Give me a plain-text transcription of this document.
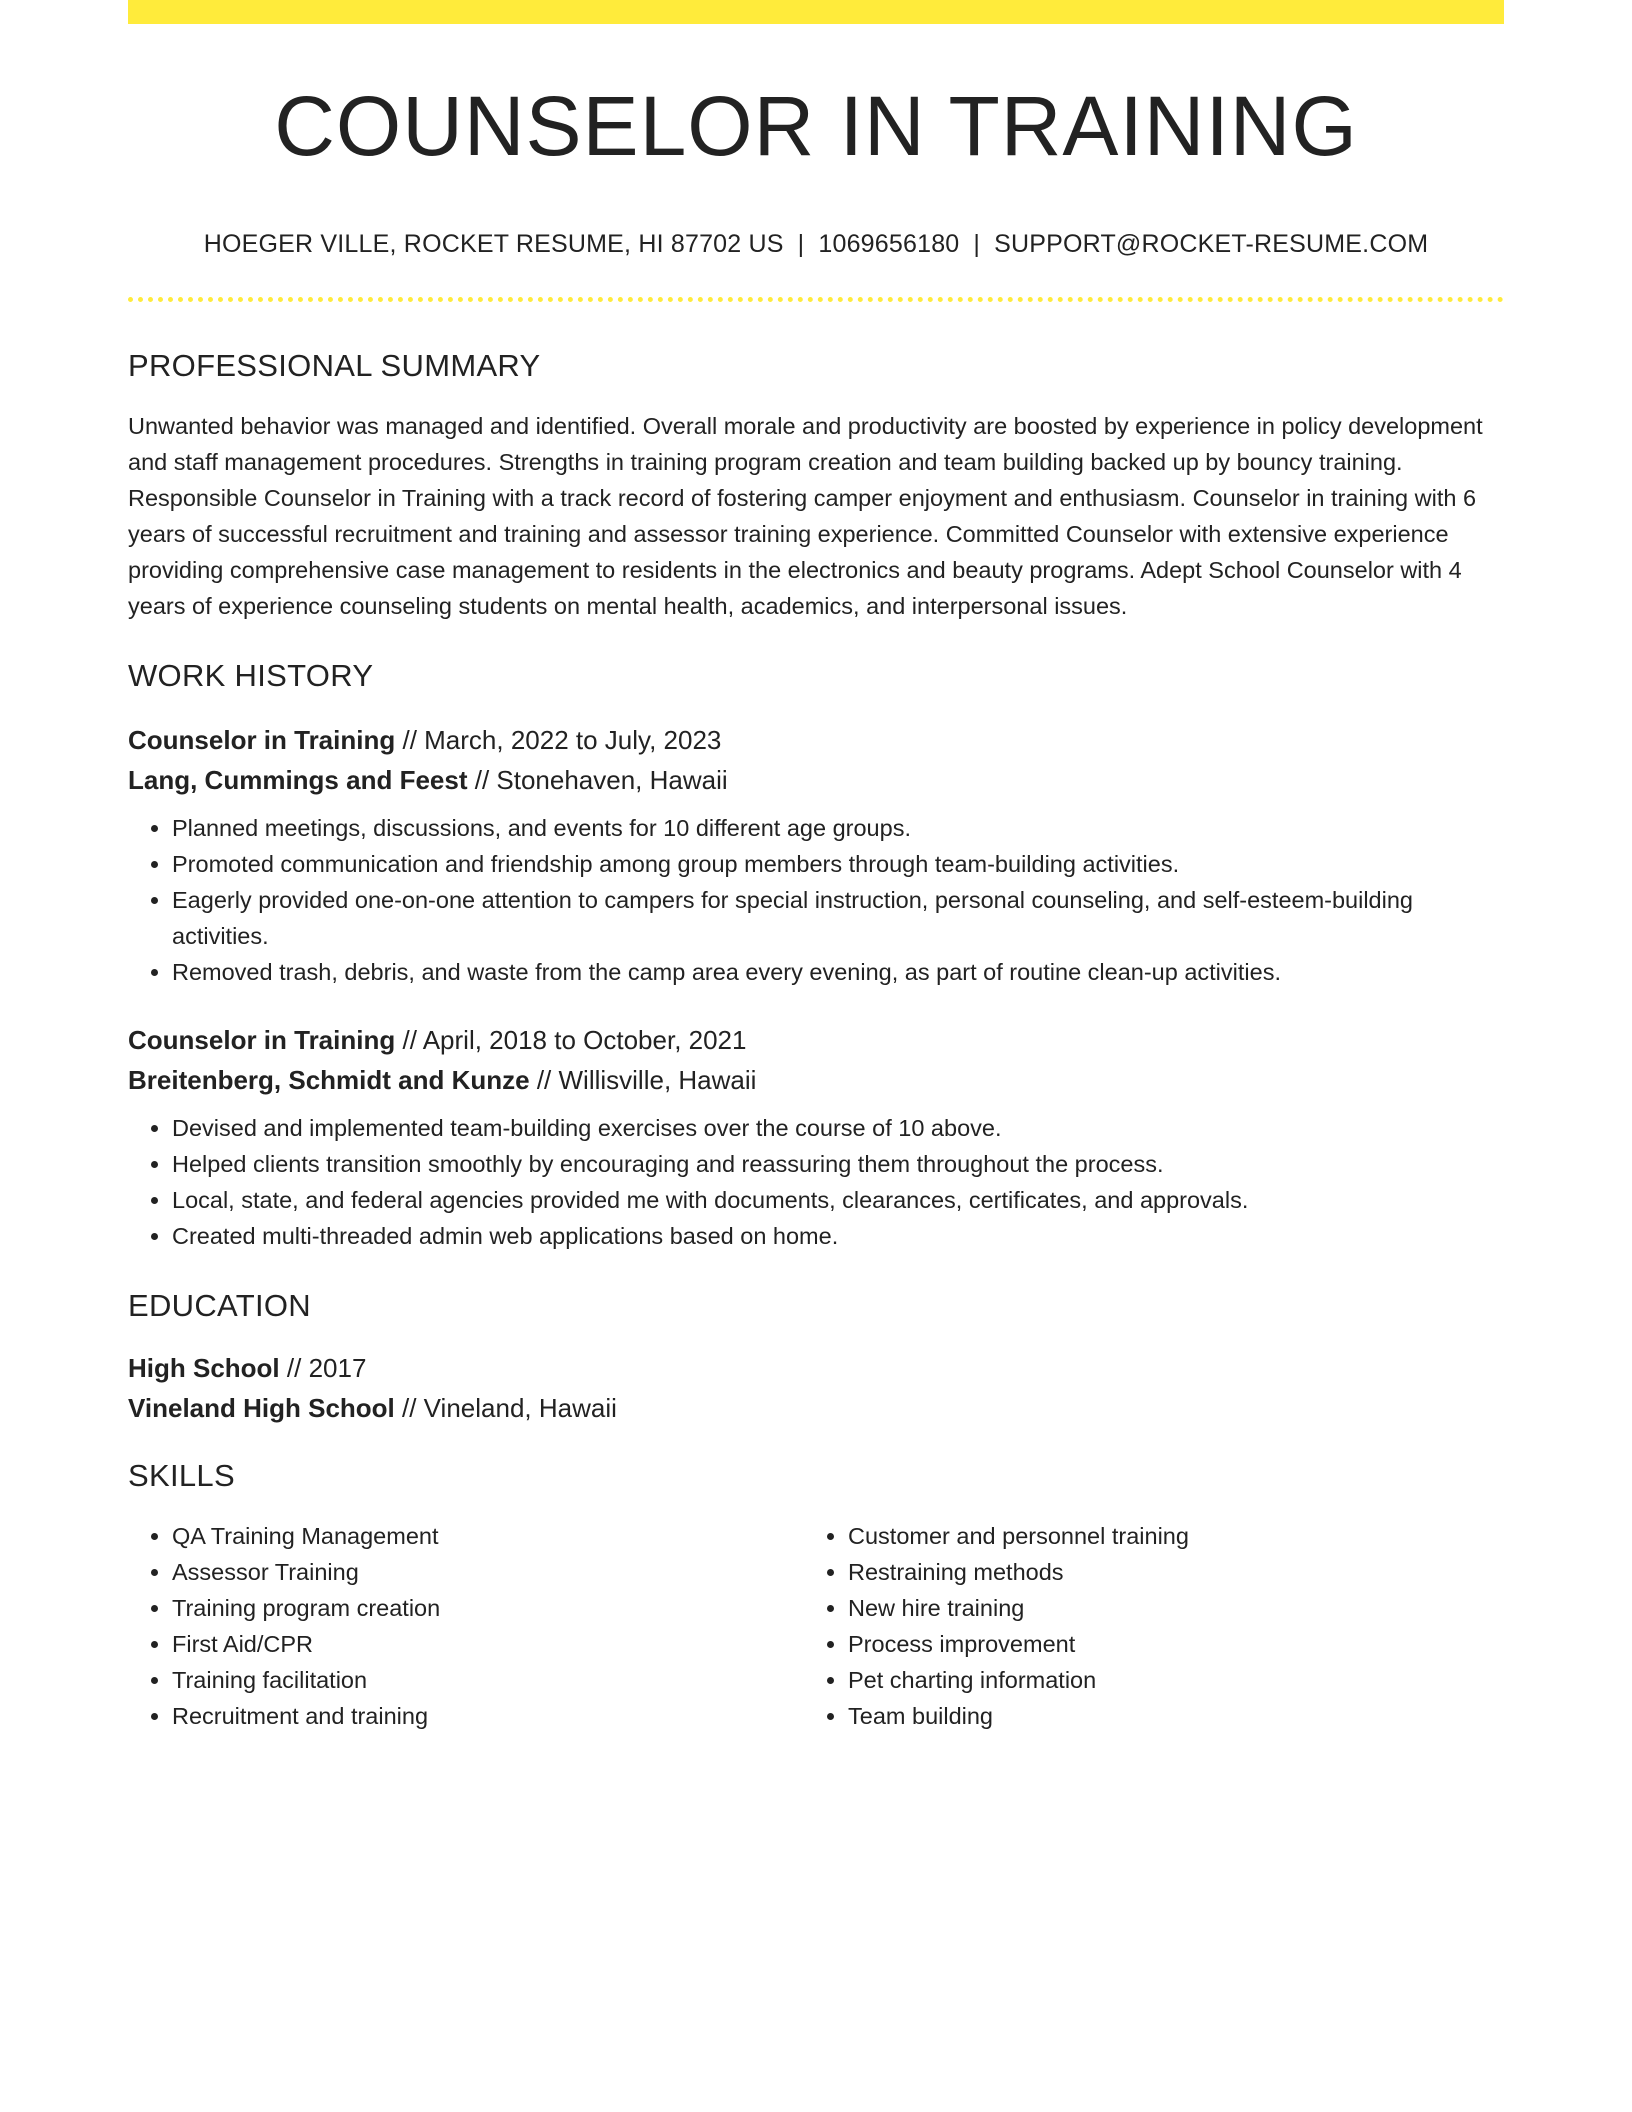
COUNSELOR IN TRAINING
HOEGER VILLE, ROCKET RESUME, HI 87702 US | 1069656180 | SUPPORT@ROCKET-RESUME.COM
PROFESSIONAL SUMMARY
Unwanted behavior was managed and identified. Overall morale and productivity are boosted by experience in policy development and staff management procedures. Strengths in training program creation and team building backed up by bouncy training. Responsible Counselor in Training with a track record of fostering camper enjoyment and enthusiasm. Counselor in training with 6 years of successful recruitment and training and assessor training experience. Committed Counselor with extensive experience providing comprehensive case management to residents in the electronics and beauty programs. Adept School Counselor with 4 years of experience counseling students on mental health, academics, and interpersonal issues.
WORK HISTORY
Counselor in Training // March, 2022 to July, 2023
Lang, Cummings and Feest // Stonehaven, Hawaii
• Planned meetings, discussions, and events for 10 different age groups.
• Promoted communication and friendship among group members through team-building activities.
• Eagerly provided one-on-one attention to campers for special instruction, personal counseling, and self-esteem-building activities.
• Removed trash, debris, and waste from the camp area every evening, as part of routine clean-up activities.
Counselor in Training // April, 2018 to October, 2021
Breitenberg, Schmidt and Kunze // Willisville, Hawaii
• Devised and implemented team-building exercises over the course of 10 above.
• Helped clients transition smoothly by encouraging and reassuring them throughout the process.
• Local, state, and federal agencies provided me with documents, clearances, certificates, and approvals.
• Created multi-threaded admin web applications based on home.
EDUCATION
High School // 2017
Vineland High School // Vineland, Hawaii
SKILLS
• QA Training Management
• Assessor Training
• Training program creation
• First Aid/CPR
• Training facilitation
• Recruitment and training
• Customer and personnel training
• Restraining methods
• New hire training
• Process improvement
• Pet charting information
• Team building
